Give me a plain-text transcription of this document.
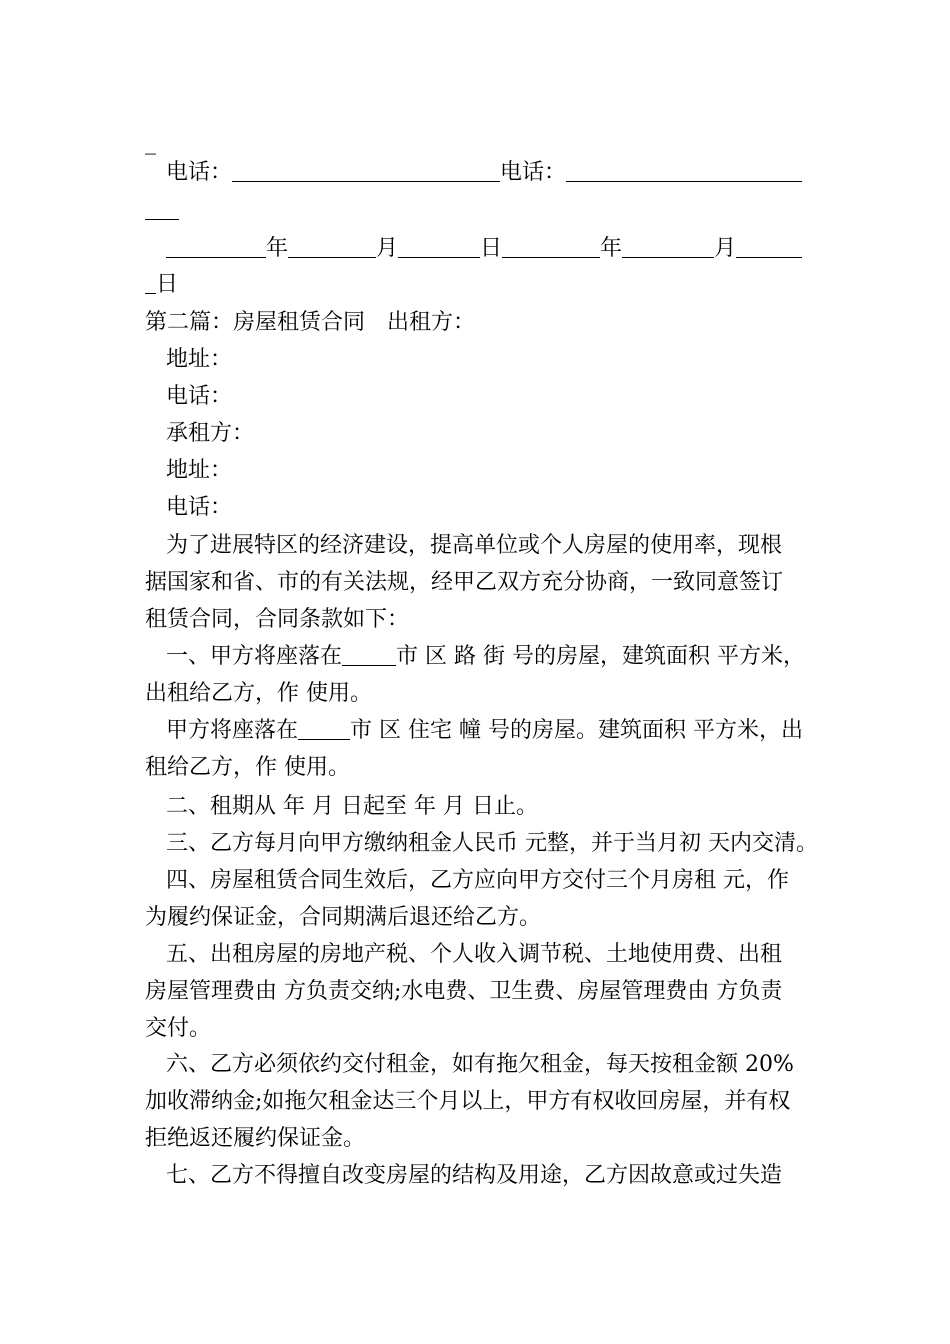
_
电话：	电话：
年	月	日	年	月
日
第二篇：房屋租赁合同　出租方：
地址：
电话：
承租方：
地址：
电话：
为了进展特区的经济建设，提高单位或个人房屋的使用率，现根
据国家和省、市的有关法规，经甲乙双方充分协商，一致同意签订
租赁合同，合同条款如下：
一、甲方将座落在 市 区 路 街 号的房屋，建筑面积 平方米，
出租给乙方，作 使用。
甲方将座落在 市 区 住宅 幢 号的房屋。建筑面积 平方米，出
租给乙方，作 使用。
二、租期从 年 月 日起至 年 月 日止。
三、乙方每月向甲方缴纳租金人民币 元整，并于当月初 天内交清。
四、房屋租赁合同生效后，乙方应向甲方交付三个月房租 元，作
为履约保证金，合同期满后退还给乙方。
五、出租房屋的房地产税、个人收入调节税、土地使用费、出租
房屋管理费由 方负责交纳;水电费、卫生费、房屋管理费由 方负责
交付。
六、乙方必须依约交付租金，如有拖欠租金，每天按租金额 20%
加收滞纳金;如拖欠租金达三个月以上，甲方有权收回房屋，并有权
拒绝返还履约保证金。
七、乙方不得擅自改变房屋的结构及用途，乙方因故意或过失造
